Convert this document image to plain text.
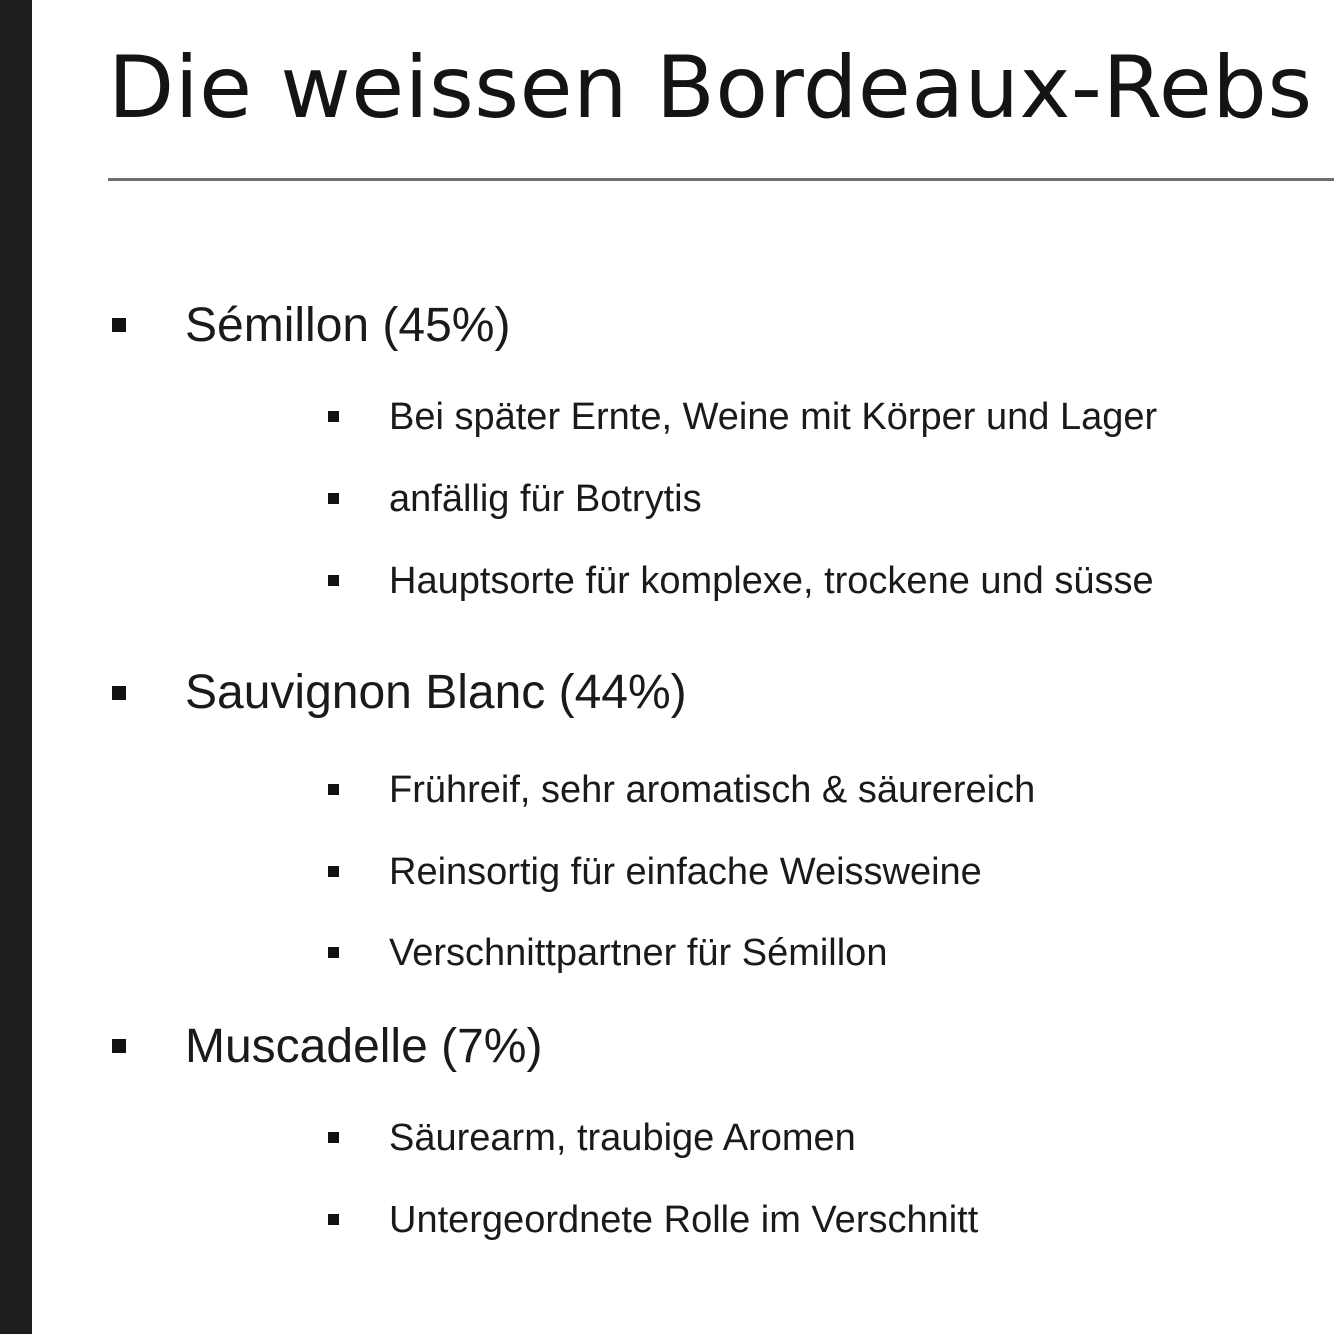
Die weissen Bordeaux-Rebs
Sémillon (45%)
Bei später Ernte, Weine mit Körper und Lager
anfällig für Botrytis
Hauptsorte für komplexe, trockene und süsse
Sauvignon Blanc (44%)
Frühreif, sehr aromatisch & säurereich
Reinsortig für einfache Weissweine
Verschnittpartner für Sémillon
Muscadelle (7%)
Säurearm, traubige Aromen
Untergeordnete Rolle im Verschnitt
